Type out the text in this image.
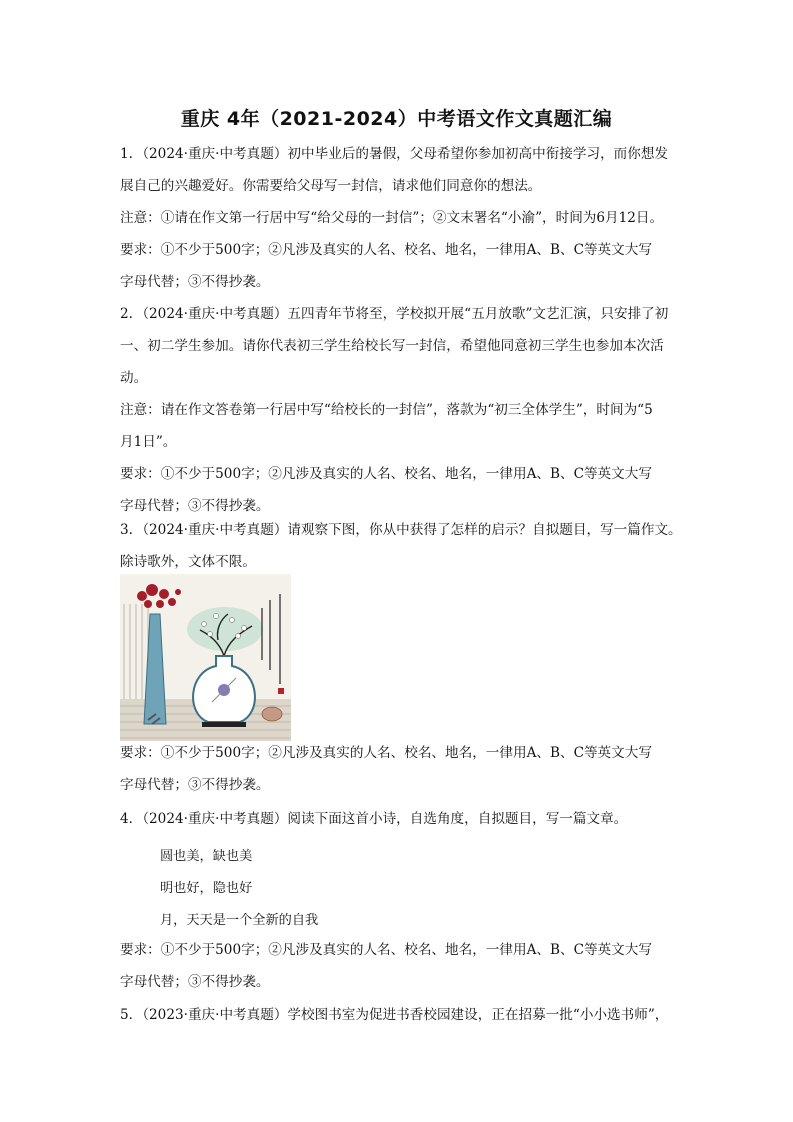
重庆 4年（2021-2024）中考语文作文真题汇编
1．（2024·重庆·中考真题）初中毕业后的暑假，父母希望你参加初高中衔接学习，而你想发
展自己的兴趣爱好。你需要给父母写一封信，请求他们同意你的想法。
注意：①请在作文第一行居中写“给父母的一封信”；②文末署名“小渝”，时间为6月12日。
要求：①不少于500字；②凡涉及真实的人名、校名、地名，一律用A、B、C等英文大写
字母代替；③不得抄袭。
2．（2024·重庆·中考真题）五四青年节将至，学校拟开展“五月放歌”文艺汇演，只安排了初
一、初二学生参加。请你代表初三学生给校长写一封信，希望他同意初三学生也参加本次活
动。
注意：请在作文答卷第一行居中写“给校长的一封信”，落款为“初三全体学生”，时间为“5
月1日”。
要求：①不少于500字；②凡涉及真实的人名、校名、地名，一律用A、B、C等英文大写
字母代替；③不得抄袭。
3．（2024·重庆·中考真题）请观察下图，你从中获得了怎样的启示？自拟题目，写一篇作文。
除诗歌外，文体不限。
要求：①不少于500字；②凡涉及真实的人名、校名、地名，一律用A、B、C等英文大写
字母代替；③不得抄袭。
4．（2024·重庆·中考真题）阅读下面这首小诗，自选角度，自拟题目，写一篇文章。
圆也美，缺也美
明也好，隐也好
月，天天是一个全新的自我
要求：①不少于500字；②凡涉及真实的人名、校名、地名，一律用A、B、C等英文大写
字母代替；③不得抄袭。
5．（2023·重庆·中考真题）学校图书室为促进书香校园建设，正在招募一批“小小选书师”，
